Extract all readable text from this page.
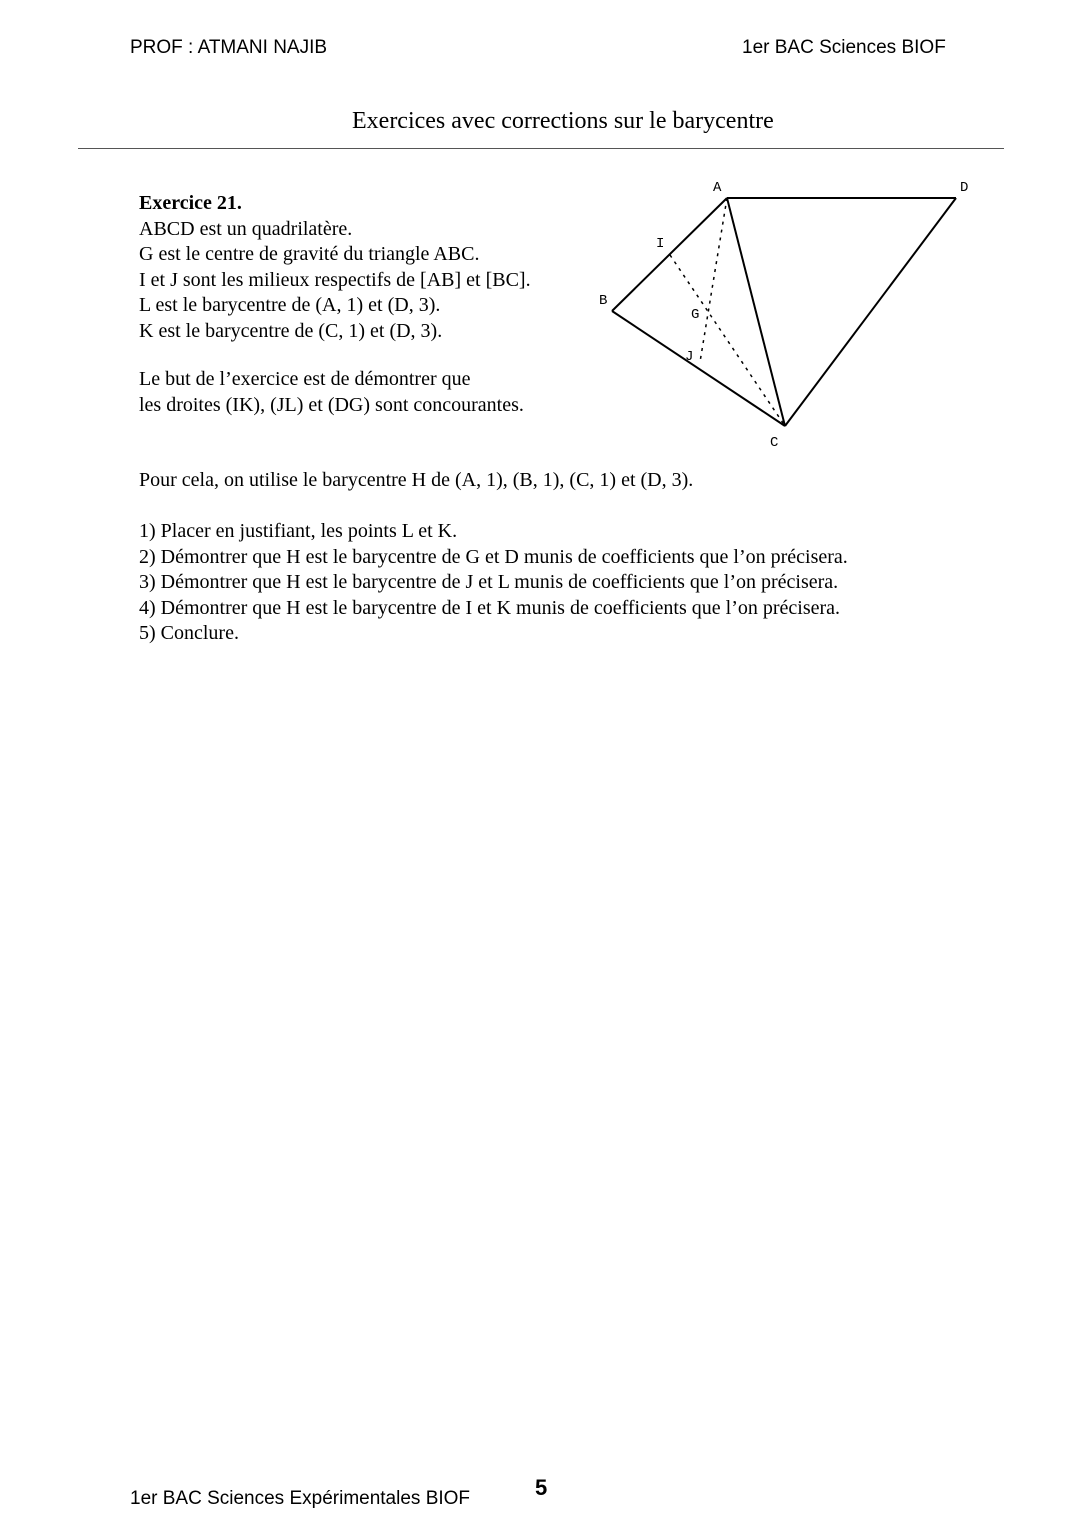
PROF : ATMANI NAJIB	1er BAC Sciences BIOF
Exercices avec corrections sur le barycentre
Exercice 21.
ABCD est un quadrilatère.
G est le centre de gravité du triangle ABC.
I et J sont les milieux respectifs de [AB] et [BC].
L est le barycentre de (A, 1) et (D, 3).
K est le barycentre de (C, 1) et (D, 3).
Le but de l’exercice est de démontrer que
les droites (IK), (JL) et (DG) sont concourantes.
Pour cela, on utilise le barycentre H de (A, 1), (B, 1), (C, 1) et (D, 3).
1) Placer en justifiant, les points L et K.
2) Démontrer que H est le barycentre de G et D munis de coefficients que l’on précisera.
3) Démontrer que H est le barycentre de J et L munis de coefficients que l’on précisera.
4) Démontrer que H est le barycentre de I et K munis de coefficients que l’on précisera.
5) Conclure.
A	D
I
B
G
J
C
1er BAC Sciences Expérimentales BIOF	5
